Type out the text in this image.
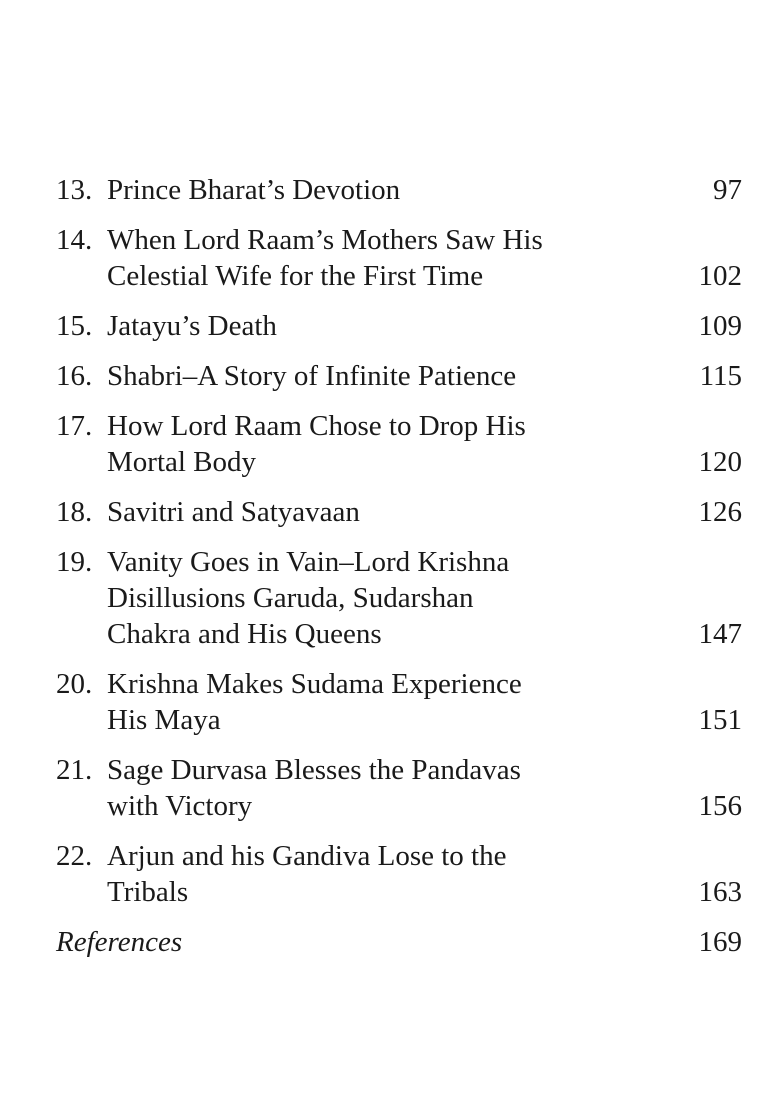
13. Prince Bharat’s Devotion	97
14. When Lord Raam’s Mothers Saw His
Celestial Wife for the First Time	102
15. Jatayu’s Death	109
16. Shabri–A Story of Infinite Patience	115
17. How Lord Raam Chose to Drop His
Mortal Body	120
18. Savitri and Satyavaan	126
19. Vanity Goes in Vain–Lord Krishna
Disillusions Garuda, Sudarshan
Chakra and His Queens	147
20. Krishna Makes Sudama Experience
His Maya	151
21. Sage Durvasa Blesses the Pandavas
with Victory	156
22. Arjun and his Gandiva Lose to the
Tribals	163
References	169
